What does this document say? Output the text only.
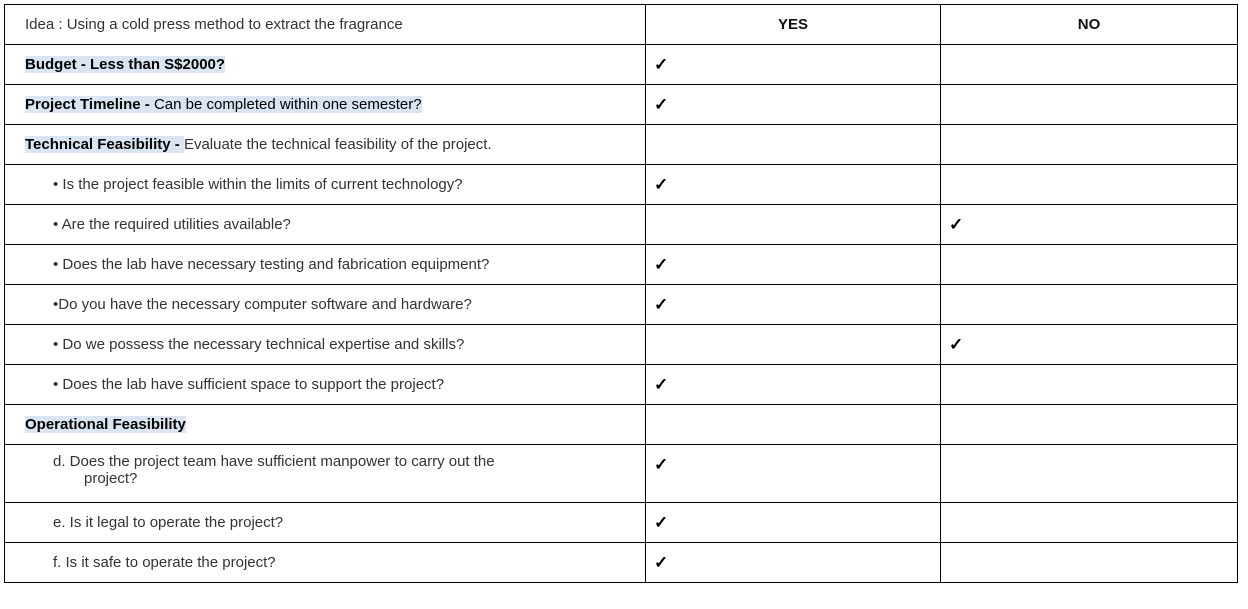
Idea : Using a cold press method to extract the fragrance	YES	NO
Budget - Less than S$2000?	✓	
Project Timeline - Can be completed within one semester?	✓	
Technical Feasibility - Evaluate the technical feasibility of the project.		
• Is the project feasible within the limits of current technology?	✓	
• Are the required utilities available?		✓
• Does the lab have necessary testing and fabrication equipment?	✓	
•Do you have the necessary computer software and hardware?	✓	
• Do we possess the necessary technical expertise and skills?		✓
• Does the lab have sufficient space to support the project?	✓	
Operational Feasibility		
d. Does the project team have sufficient manpower to carry out the
project?	✓	
e. Is it legal to operate the project?	✓	
f. Is it safe to operate the project?	✓	
